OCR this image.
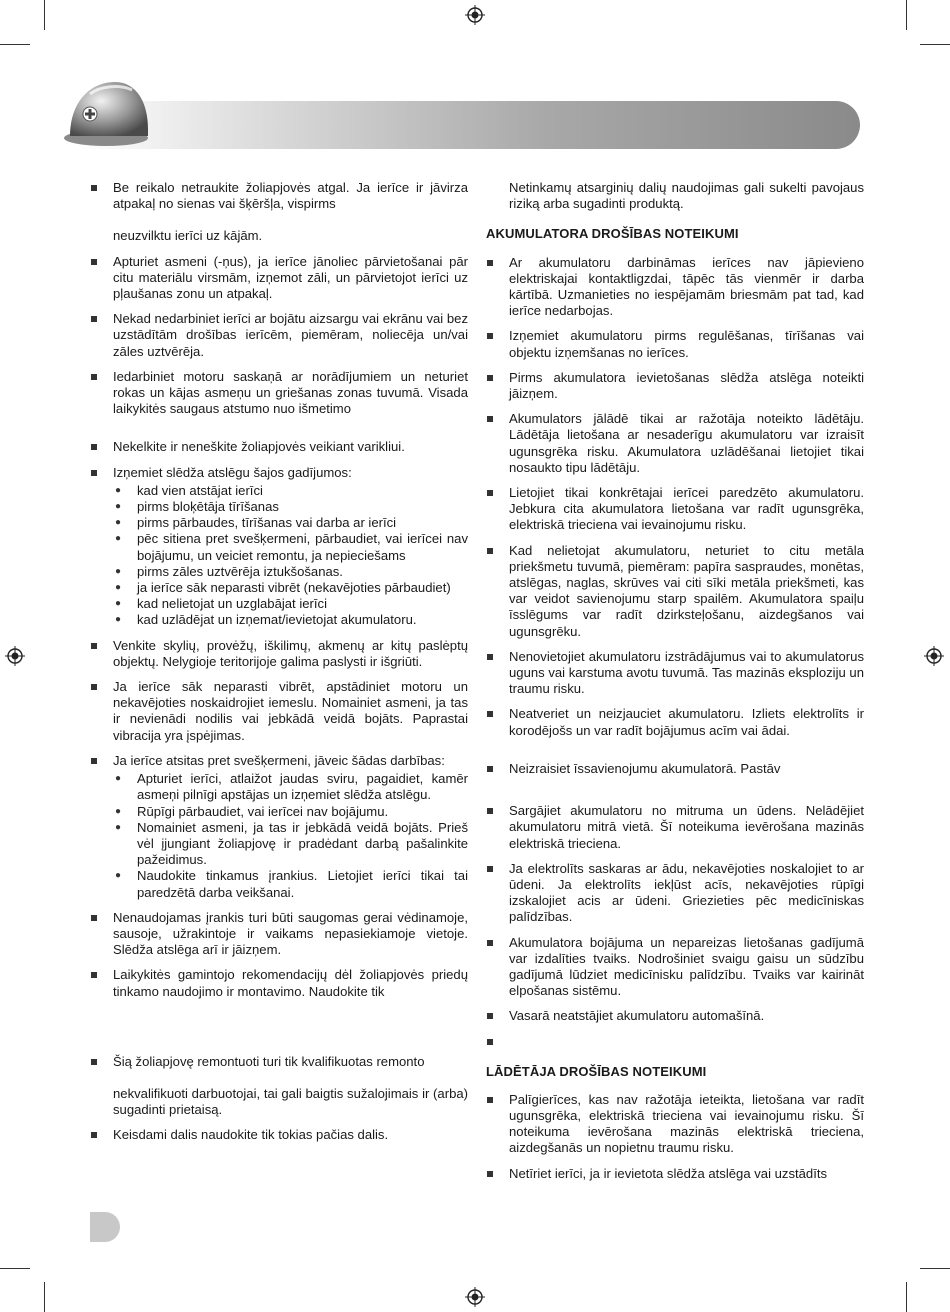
Be reikalo netraukite žoliapjovės atgal. Ja ierīce ir jāvirza atpakaļ no sienas vai šķēršļa, vispirms
neuzvilktu ierīci uz kājām.
Apturiet asmeni (-ņus), ja ierīce jānoliec pārvietošanai pār citu materiālu virsmām, izņemot zāli, un pārvietojot ierīci uz pļaušanas zonu un atpakaļ.
Nekad nedarbiniet ierīci ar bojātu aizsargu vai ekrānu vai bez uzstādītām drošības ierīcēm, piemēram, noliecēja un/vai zāles uztvērēja.
Iedarbiniet motoru saskaņā ar norādījumiem un neturiet rokas un kājas asmeņu un griešanas zonas tuvumā. Visada laikykitės saugaus atstumo nuo išmetimo
Nekelkite ir neneškite žoliapjovės veikiant varikliui.
Izņemiet slēdža atslēgu šajos gadījumos:
● kad vien atstājat ierīci
● pirms bloķētāja tīrīšanas
● pirms pārbaudes, tīrīšanas vai darba ar ierīci
● pēc sitiena pret svešķermeni, pārbaudiet, vai ierīcei nav bojājumu, un veiciet remontu, ja nepieciešams
● pirms zāles uztvērēja iztukšošanas.
● ja ierīce sāk neparasti vibrēt (nekavējoties pārbaudiet)
● kad nelietojat un uzglabājat ierīci
● kad uzlādējat un izņemat/ievietojat akumulatoru.
Venkite skylių, provėžų, iškilimų, akmenų ar kitų paslėptų objektų. Nelygioje teritorijoje galima paslysti ir išgriūti.
Ja ierīce sāk neparasti vibrēt, apstādiniet motoru un nekavējoties noskaidrojiet iemeslu. Nomainiet asmeni, ja tas ir nevienādi nodilis vai jebkādā veidā bojāts. Paprastai vibracija yra įspėjimas.
Ja ierīce atsitas pret svešķermeni, jāveic šādas darbības:
● Apturiet ierīci, atlaižot jaudas sviru, pagaidiet, kamēr asmeņi pilnīgi apstājas un izņemiet slēdža atslēgu.
● Rūpīgi pārbaudiet, vai ierīcei nav bojājumu.
● Nomainiet asmeni, ja tas ir jebkādā veidā bojāts. Prieš vėl įjungiant žoliapjovę ir pradėdant darbą pašalinkite pažeidimus.
● Naudokite tinkamus įrankius. Lietojiet ierīci tikai tai paredzētā darba veikšanai.
Nenaudojamas įrankis turi būti saugomas gerai vėdinamoje, sausoje, užrakintoje ir vaikams nepasiekiamoje vietoje. Slēdža atslēga arī ir jāizņem.
Laikykitės gamintojo rekomendacijų dėl žoliapjovės priedų tinkamo naudojimo ir montavimo. Naudokite tik
Šią žoliapjovę remontuoti turi tik kvalifikuotas remonto
nekvalifikuoti darbuotojai, tai gali baigtis sužalojimais ir (arba) sugadinti prietaisą.
Keisdami dalis naudokite tik tokias pačias dalis.
Netinkamų atsarginių dalių naudojimas gali sukelti pavojaus riziką arba sugadinti produktą.
AKUMULATORA DROŠĪBAS NOTEIKUMI
Ar akumulatoru darbināmas ierīces nav jāpievieno elektriskajai kontaktligzdai, tāpēc tās vienmēr ir darba kārtībā. Uzmanieties no iespējamām briesmām pat tad, kad ierīce nedarbojas.
Izņemiet akumulatoru pirms regulēšanas, tīrīšanas vai objektu izņemšanas no ierīces.
Pirms akumulatora ievietošanas slēdža atslēga noteikti jāizņem.
Akumulators jālādē tikai ar ražotāja noteikto lādētāju. Lādētāja lietošana ar nesaderīgu akumulatoru var izraisīt ugunsgrēka risku. Akumulatora uzlādēšanai lietojiet tikai nosaukto tipu lādētāju.
Lietojiet tikai konkrētajai ierīcei paredzēto akumulatoru. Jebkura cita akumulatora lietošana var radīt ugunsgrēka, elektriskā trieciena vai ievainojumu risku.
Kad nelietojat akumulatoru, neturiet to citu metāla priekšmetu tuvumā, piemēram: papīra saspraudes, monētas, atslēgas, naglas, skrūves vai citi sīki metāla priekšmeti, kas var veidot savienojumu starp spailēm. Akumulatora spaiļu īsslēgums var radīt dzirksteļošanu, aizdegšanos vai ugunsgrēku.
Nenovietojiet akumulatoru izstrādājumus vai to akumulatorus uguns vai karstuma avotu tuvumā. Tas mazinās eksploziju un traumu risku.
Neatveriet un neizjauciet akumulatoru. Izliets elektrolīts ir korodējošs un var radīt bojājumus acīm vai ādai.
Neizraisiet īssavienojumu akumulatorā. Pastāv
Sargājiet akumulatoru no mitruma un ūdens. Nelādējiet akumulatoru mitrā vietā. Šī noteikuma ievērošana mazinās elektriskā trieciena.
Ja elektrolīts saskaras ar ādu, nekavējoties noskalojiet to ar ūdeni. Ja elektrolīts iekļūst acīs, nekavējoties rūpīgi izskalojiet acis ar ūdeni. Griezieties pēc medicīniskas palīdzības.
Akumulatora bojājuma un nepareizas lietošanas gadījumā var izdalīties tvaiks. Nodrošiniet svaigu gaisu un sūdzību gadījumā lūdziet medicīnisku palīdzību. Tvaiks var kairināt elpošanas sistēmu.
Vasarā neatstājiet akumulatoru automašīnā.
LĀDĒTĀJA DROŠĪBAS NOTEIKUMI
Palīgierīces, kas nav ražotāja ieteikta, lietošana var radīt ugunsgrēka, elektriskā trieciena vai ievainojumu risku. Šī noteikuma ievērošana mazinās elektriskā trieciena, aizdegšanās un nopietnu traumu risku.
Netīriet ierīci, ja ir ievietota slēdža atslēga vai uzstādīts
